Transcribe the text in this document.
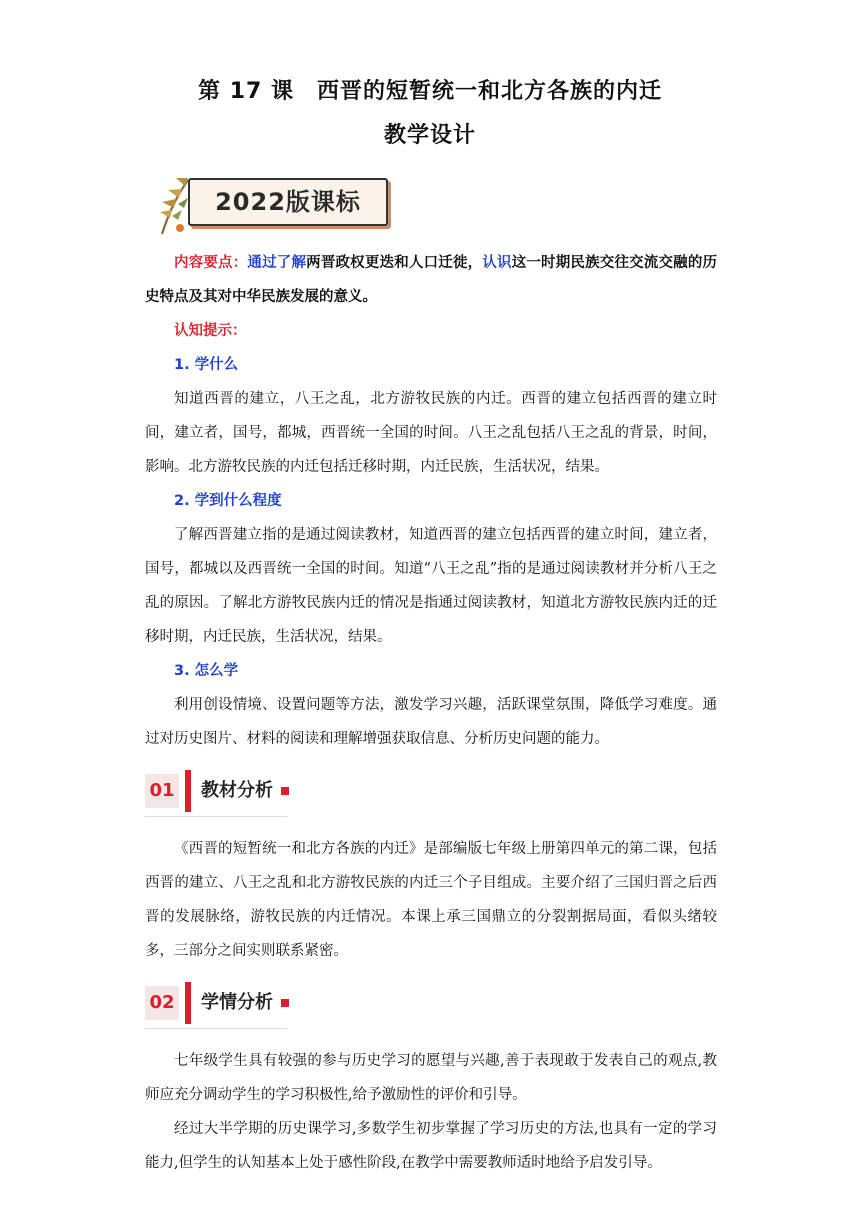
第 17 课　西晋的短暂统一和北方各族的内迁
教学设计
2022版课标

内容要点：通过了解两晋政权更迭和人口迁徙，认识这一时期民族交往交流交融的历史特点及其对中华民族发展的意义。

认知提示：

1. 学什么

知道西晋的建立，八王之乱，北方游牧民族的内迁。西晋的建立包括西晋的建立时间，建立者，国号，都城，西晋统一全国的时间。八王之乱包括八王之乱的背景，时间，影响。北方游牧民族的内迁包括迁移时期，内迁民族，生活状况，结果。

2. 学到什么程度

了解西晋建立指的是通过阅读教材，知道西晋的建立包括西晋的建立时间，建立者，国号，都城以及西晋统一全国的时间。知道“八王之乱”指的是通过阅读教材并分析八王之乱的原因。了解北方游牧民族内迁的情况是指通过阅读教材，知道北方游牧民族内迁的迁移时期，内迁民族，生活状况，结果。

3. 怎么学

利用创设情境、设置问题等方法，激发学习兴趣，活跃课堂氛围，降低学习难度。通过对历史图片、材料的阅读和理解增强获取信息、分析历史问题的能力。

01 教材分析

《西晋的短暂统一和北方各族的内迁》是部编版七年级上册第四单元的第二课，包括西晋的建立、八王之乱和北方游牧民族的内迁三个子目组成。主要介绍了三国归晋之后西晋的发展脉络，游牧民族的内迁情况。本课上承三国鼎立的分裂割据局面，看似头绪较多，三部分之间实则联系紧密。

02 学情分析

七年级学生具有较强的参与历史学习的愿望与兴趣,善于表现敢于发表自己的观点,教师应充分调动学生的学习积极性,给予激励性的评价和引导。

经过大半学期的历史课学习,多数学生初步掌握了学习历史的方法,也具有一定的学习能力,但学生的认知基本上处于感性阶段,在教学中需要教师适时地给予启发引导。
